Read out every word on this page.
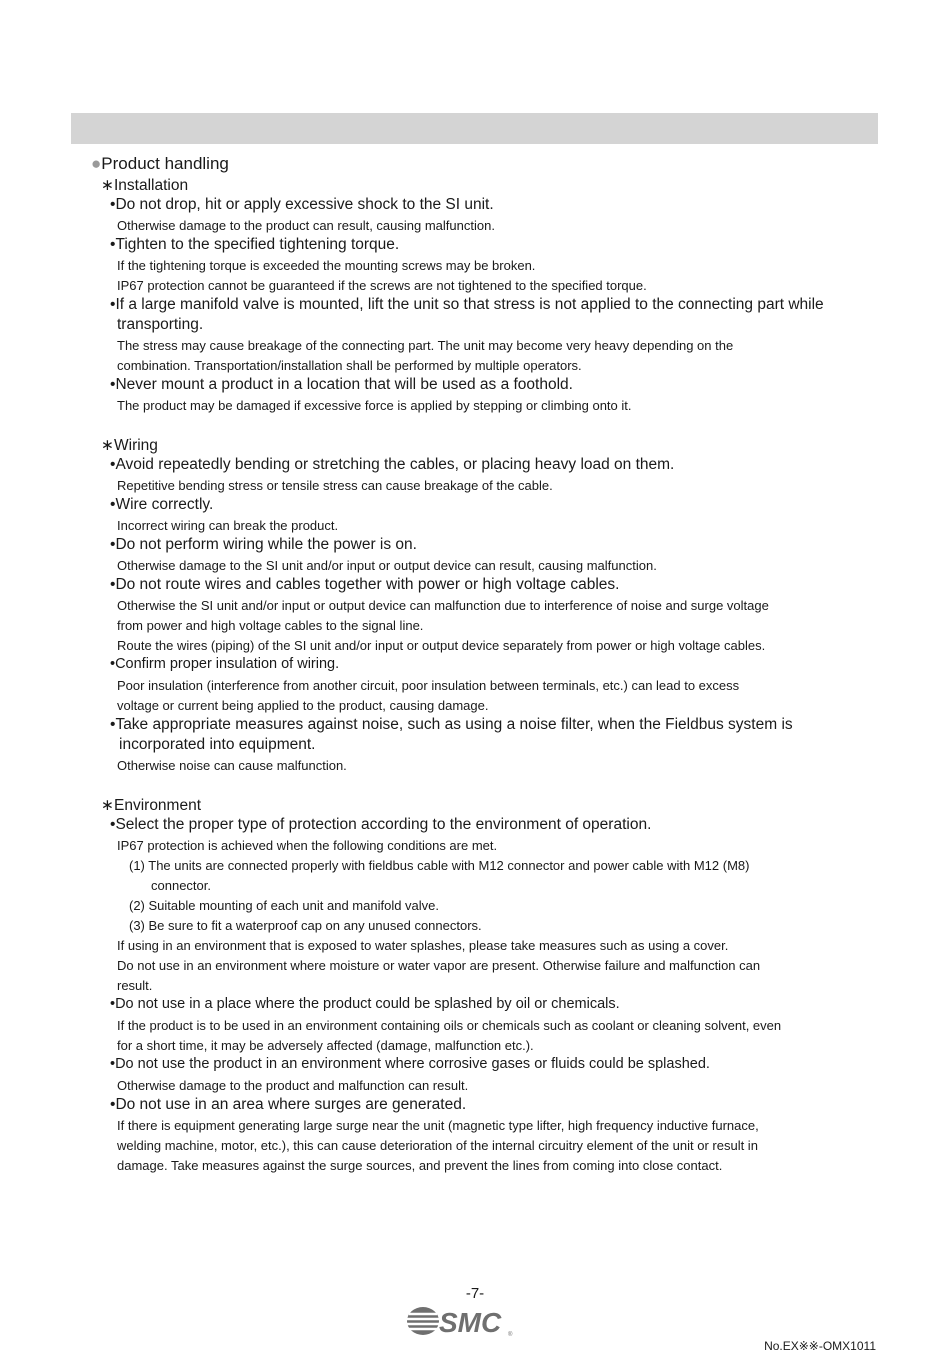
●Product handling
∗Installation
•Do not drop, hit or apply excessive shock to the SI unit.
Otherwise damage to the product can result, causing malfunction.
•Tighten to the specified tightening torque.
If the tightening torque is exceeded the mounting screws may be broken.
IP67 protection cannot be guaranteed if the screws are not tightened to the specified torque.
•If a large manifold valve is mounted, lift the unit so that stress is not applied to the connecting part while
transporting.
The stress may cause breakage of the connecting part. The unit may become very heavy depending on the
combination. Transportation/installation shall be performed by multiple operators.
•Never mount a product in a location that will be used as a foothold.
The product may be damaged if excessive force is applied by stepping or climbing onto it.
∗Wiring
•Avoid repeatedly bending or stretching the cables, or placing heavy load on them.
Repetitive bending stress or tensile stress can cause breakage of the cable.
•Wire correctly.
Incorrect wiring can break the product.
•Do not perform wiring while the power is on.
Otherwise damage to the SI unit and/or input or output device can result, causing malfunction.
•Do not route wires and cables together with power or high voltage cables.
Otherwise the SI unit and/or input or output device can malfunction due to interference of noise and surge voltage
from power and high voltage cables to the signal line.
Route the wires (piping) of the SI unit and/or input or output device separately from power or high voltage cables.
•Confirm proper insulation of wiring.
Poor insulation (interference from another circuit, poor insulation between terminals, etc.) can lead to excess
voltage or current being applied to the product, causing damage.
•Take appropriate measures against noise, such as using a noise filter, when the Fieldbus system is
incorporated into equipment.
Otherwise noise can cause malfunction.
∗Environment
•Select the proper type of protection according to the environment of operation.
IP67 protection is achieved when the following conditions are met.
(1) The units are connected properly with fieldbus cable with M12 connector and power cable with M12 (M8)
connector.
(2) Suitable mounting of each unit and manifold valve.
(3) Be sure to fit a waterproof cap on any unused connectors.
If using in an environment that is exposed to water splashes, please take measures such as using a cover.
Do not use in an environment where moisture or water vapor are present. Otherwise failure and malfunction can
result.
•Do not use in a place where the product could be splashed by oil or chemicals.
If the product is to be used in an environment containing oils or chemicals such as coolant or cleaning solvent, even
for a short time, it may be adversely affected (damage, malfunction etc.).
•Do not use the product in an environment where corrosive gases or fluids could be splashed.
Otherwise damage to the product and malfunction can result.
•Do not use in an area where surges are generated.
If there is equipment generating large surge near the unit (magnetic type lifter, high frequency inductive furnace,
welding machine, motor, etc.), this can cause deterioration of the internal circuitry element of the unit or result in
damage. Take measures against the surge sources, and prevent the lines from coming into close contact.
-7-
SMC ®
No.EX※※-OMX1011
